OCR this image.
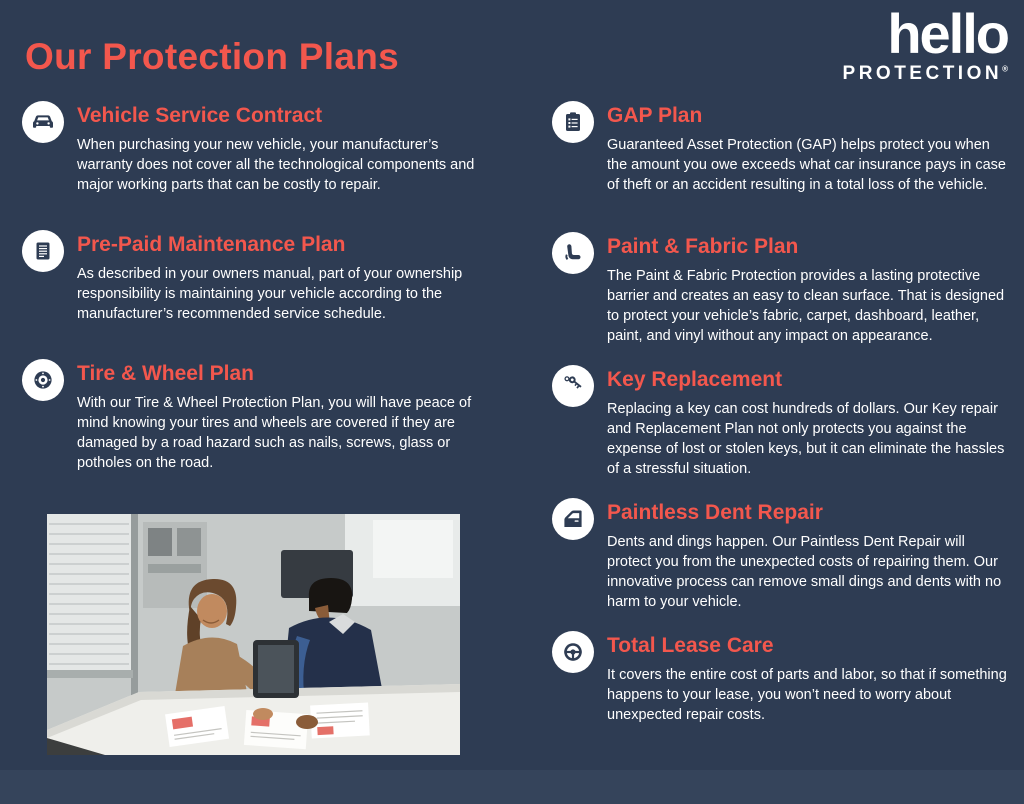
Our Protection Plans	hello
PROTECTION®
Vehicle Service Contract

When purchasing your new vehicle, your manufacturer’s warranty does not cover all the technological components and major working parts that can be costly to repair.

Pre-Paid Maintenance Plan

As described in your owners manual, part of your ownership responsibility is maintaining your vehicle according to the manufacturer’s recommended service schedule.

Tire & Wheel Plan

With our Tire & Wheel Protection Plan, you will have peace of mind knowing your tires and wheels are covered if they are damaged by a road hazard such as nails, screws, glass or potholes on the road.

GAP Plan

Guaranteed Asset Protection (GAP) helps protect you when the amount you owe exceeds what car insurance pays in case of theft or an accident resulting in a total loss of the vehicle.

Paint & Fabric Plan

The Paint & Fabric Protection provides a lasting protective barrier and creates an easy to clean surface. That is designed to protect your vehicle’s fabric, carpet, dashboard, leather, paint, and vinyl without any impact on appearance.

Key Replacement

Replacing a key can cost hundreds of dollars. Our Key repair and Replacement Plan not only protects you against the expense of lost or stolen keys, but it can eliminate the hassles of a stressful situation.

Paintless Dent Repair

Dents and dings happen. Our Paintless Dent Repair will protect you from the unexpected costs of repairing them. Our innovative process can remove small dings and dents with no harm to your vehicle.

Total Lease Care

It covers the entire cost of parts and labor, so that if something happens to your lease, you won’t need to worry about unexpected repair costs.
